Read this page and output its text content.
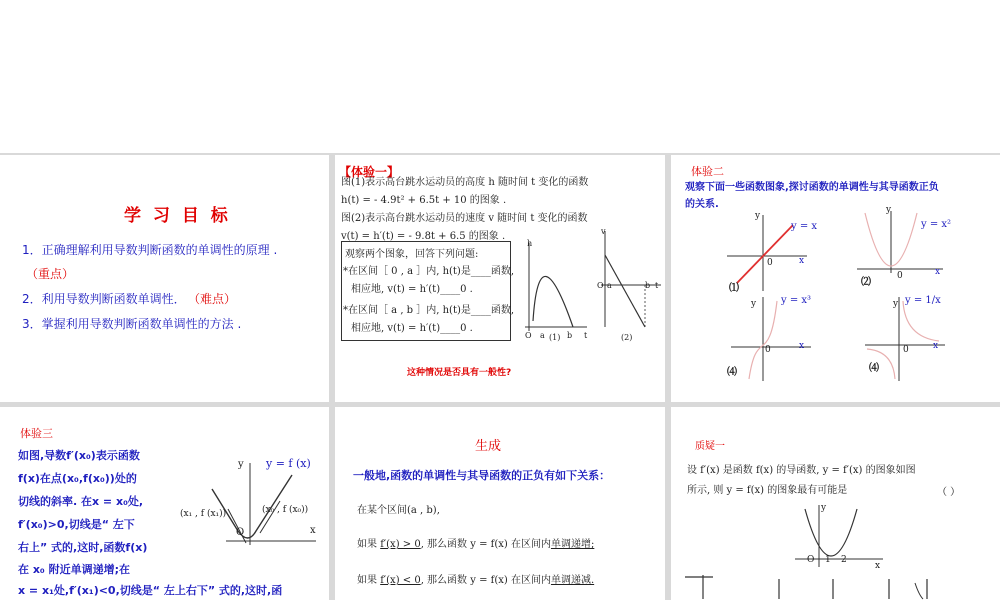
学 习 目 标
1．正确理解利用导数判断函数的单调性的原理 .
（重点）
2．利用导数判断函数单调性． （难点）
3．掌握利用导数判断函数单调性的方法 .
【体验一】
图(1)表示高台跳水运动员的高度 h 随时间 t 变化的函数
h(t) = - 4.9t² + 6.5t + 10 的图象 .
图(2)表示高台跳水运动员的速度 v 随时间 t 变化的函数
v(t) = h′(t) = - 9.8t + 6.5 的图象 .
观察两个图象，回答下列问题:
*在区间［ 0 , a ］内, h(t)是____函数,
相应地, v(t) = h′(t)____0 .
*在区间［ a , b ］内, h(t)是____函数,
相应地, v(t) = h′(t)____0 .
h
O a	b t
(1)
v
O a	b t
(2)
这种情况是否具有一般性?
体验二
观察下面一些函数图象,探讨函数的单调性与其导函数正负
的关系.
y
y = x
0	x
⑴
y
y = x²
0	x
⑵
y y = x³
0	x
⑷
y y = 1/x
0	x
⑷
体验三
如图,导数f′(x₀)表示函数
f(x)在点(x₀,f(x₀))处的
切线的斜率. 在x = x₀处,
f′(x₀)>0,切线是“ 左下
右上” 式的,这时,函数f(x)
在 x₀ 附近单调递增;在
x = x₁处,f′(x₁)<0,切线是“ 左上右下” 式的,这时,函
y y = f (x)
(x₁ , f (x₁))	(x₀ , f (x₀))
O	x
生成
一般地,函数的单调性与其导函数的正负有如下关系：
在某个区间(a , b),
如果 f′(x) > 0, 那么函数 y = f(x) 在区间内单调递增;
如果 f′(x) < 0, 那么函数 y = f(x) 在区间内单调递减.
质疑一
设 f′(x) 是函数 f(x) 的导函数, y = f′(x) 的图象如图
所示, 则 y = f(x) 的图象最有可能是	（ ）
y
O 1 2
x
